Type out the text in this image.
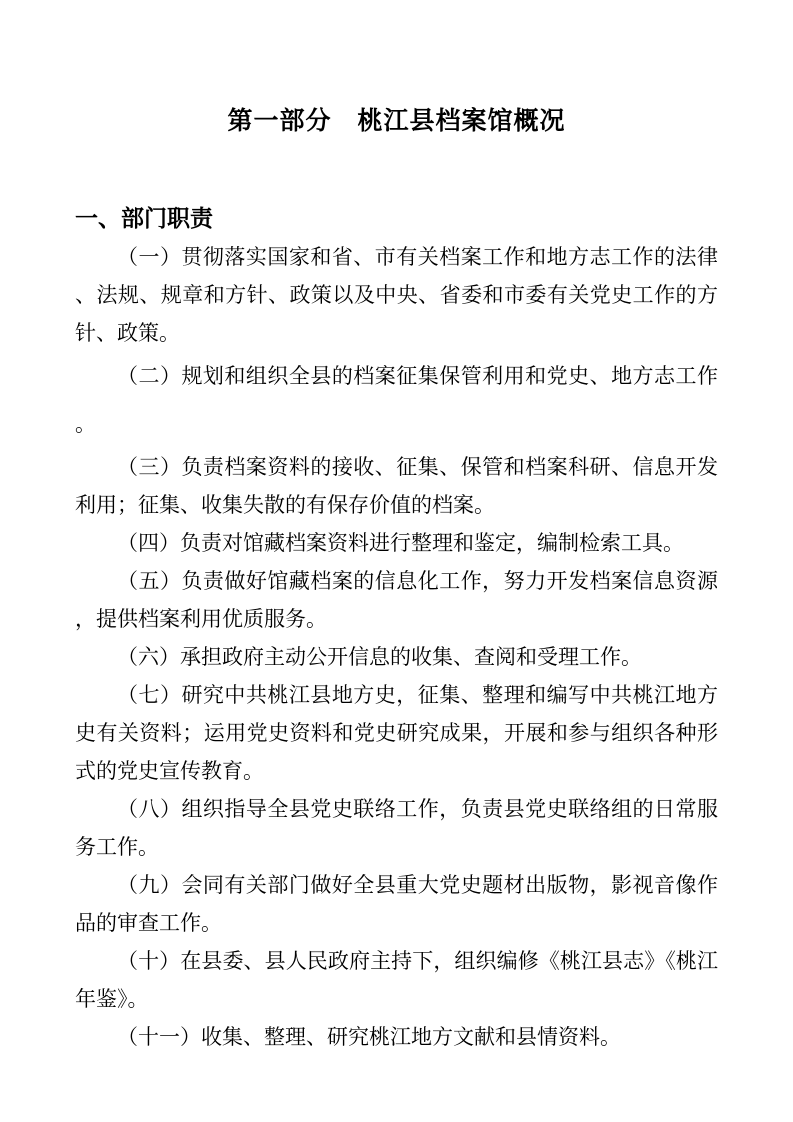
第一部分　桃江县档案馆概况
一、部门职责

（一）贯彻落实国家和省、市有关档案工作和地方志工作的法律、法规、规章和方针、政策以及中央、省委和市委有关党史工作的方针、政策。

（二）规划和组织全县的档案征集保管利用和党史、地方志工作。

（三）负责档案资料的接收、征集、保管和档案科研、信息开发利用；征集、收集失散的有保存价值的档案。

（四）负责对馆藏档案资料进行整理和鉴定，编制检索工具。

（五）负责做好馆藏档案的信息化工作，努力开发档案信息资源，提供档案利用优质服务。

（六）承担政府主动公开信息的收集、查阅和受理工作。

（七）研究中共桃江县地方史，征集、整理和编写中共桃江地方史有关资料；运用党史资料和党史研究成果，开展和参与组织各种形式的党史宣传教育。

（八）组织指导全县党史联络工作，负责县党史联络组的日常服务工作。

（九）会同有关部门做好全县重大党史题材出版物，影视音像作品的审查工作。

（十）在县委、县人民政府主持下，组织编修《桃江县志》《桃江年鉴》。

（十一）收集、整理、研究桃江地方文献和县情资料。
